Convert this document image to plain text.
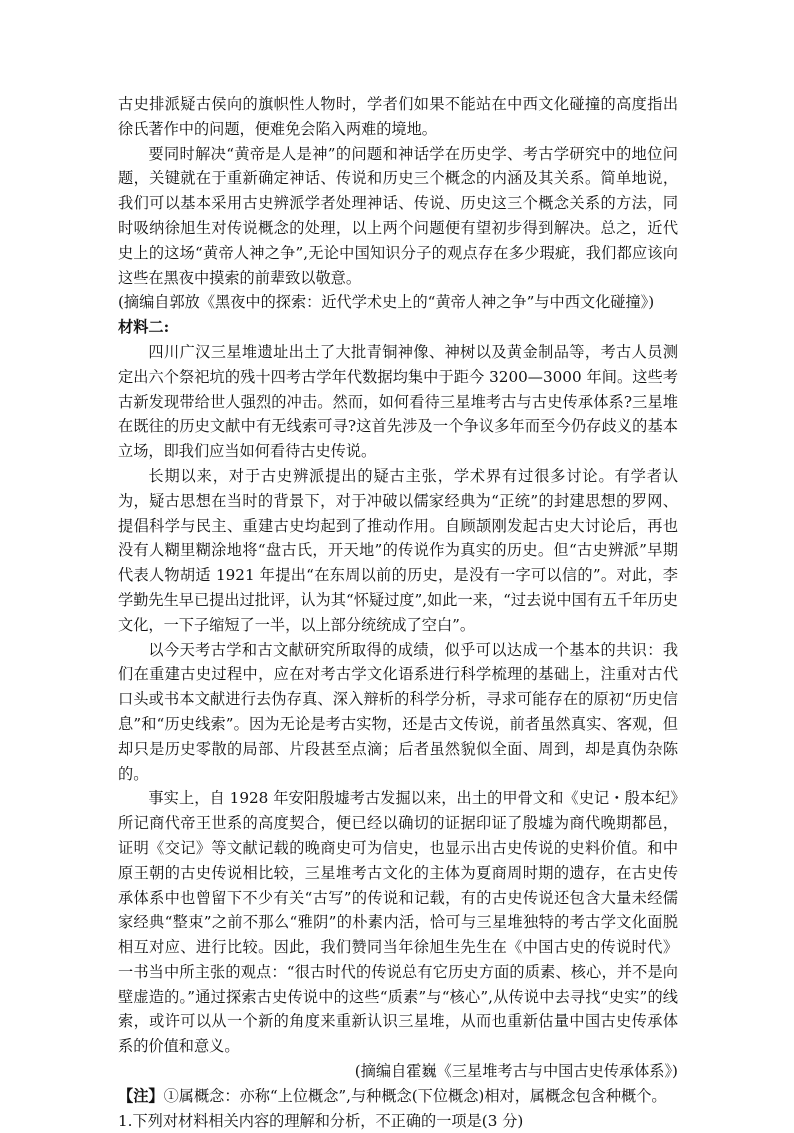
古史排派疑古侯向的旗帜性人物时，学者们如果不能站在中西文化碰撞的高度指出徐氏著作中的问题，便难免会陷入两难的境地。

要同时解决“黄帝是人是神”的问题和神话学在历史学、考古学研究中的地位问题，关键就在于重新确定神话、传说和历史三个概念的内涵及其关系。简单地说，我们可以基本采用古史辨派学者处理神话、传说、历史这三个概念关系的方法，同时吸纳徐旭生对传说概念的处理，以上两个问题便有望初步得到解决。总之，近代史上的这场“黄帝人神之争”,无论中国知识分子的观点存在多少瑕疵，我们都应该向这些在黑夜中摸索的前辈致以敬意。

(摘编自郭放《黑夜中的探索：近代学术史上的“黄帝人神之争”与中西文化碰撞》)

材料二:

四川广汉三星堆遗址出土了大批青铜神像、神树以及黄金制品等，考古人员测定出六个祭祀坑的残十四考古学年代数据均集中于距今 3200—3000 年间。这些考古新发现带给世人强烈的冲击。然而，如何看待三星堆考古与古史传承体系?三星堆在既往的历史文献中有无线索可寻?这首先涉及一个争议多年而至今仍存歧义的基本立场，即我们应当如何看待古史传说。

长期以来，对于古史辨派提出的疑古主张，学术界有过很多讨论。有学者认为，疑古思想在当时的背景下，对于冲破以儒家经典为“正统”的封建思想的罗网、提倡科学与民主、重建古史均起到了推动作用。自顾颉刚发起古史大讨论后，再也没有人糊里糊涂地将“盘古氏，开天地”的传说作为真实的历史。但“古史辨派”早期代表人物胡适 1921 年提出“在东周以前的历史，是没有一字可以信的”。对此，李学勤先生早已提出过批评，认为其“怀疑过度”,如此一来，“过去说中国有五千年历史文化，一下子缩短了一半，以上部分统统成了空白”。

以今天考古学和古文献研究所取得的成绩，似乎可以达成一个基本的共识：我们在重建古史过程中，应在对考古学文化语系进行科学梳理的基础上，注重对古代口头或书本文献进行去伪存真、深入辩析的科学分析，寻求可能存在的原初“历史信息”和“历史线索”。因为无论是考古实物，还是古文传说，前者虽然真实、客观，但却只是历史零散的局部、片段甚至点滴；后者虽然貌似全面、周到，却是真伪杂陈的。

事实上，自 1928 年安阳殷墟考古发掘以来，出土的甲骨文和《史记・殷本纪》所记商代帝王世系的高度契合，便已经以确切的证据印证了殷墟为商代晚期都邑，证明《交记》等文献记载的晚商史可为信史，也显示出古史传说的史料价值。和中原王朝的古史传说相比较，三星堆考古文化的主体为夏商周时期的遗存，在古史传承体系中也曾留下不少有关“古写”的传说和记载，有的古史传说还包含大量未经儒家经典“整束”之前不那么“雅阴”的朴素内活，恰可与三星堆独特的考古学文化面脱相互对应、进行比较。因此，我们赞同当年徐旭生先生在《中国古史的传说时代》一书当中所主张的观点：“很古时代的传说总有它历史方面的质素、核心，并不是向壁虚造的。”通过探索古史传说中的这些“质素”与“核心”,从传说中去寻找“史实”的线索，或许可以从一个新的角度来重新认识三星堆，从而也重新估量中国古史传承体系的价值和意义。

(摘编自霍巍《三星堆考古与中国古史传承体系》)

【注】①属概念：亦称“上位概念”,与种概念(下位概念)相对，属概念包含种概个。

1.下列对材料相关内容的理解和分析，不正确的一项是(3 分)
